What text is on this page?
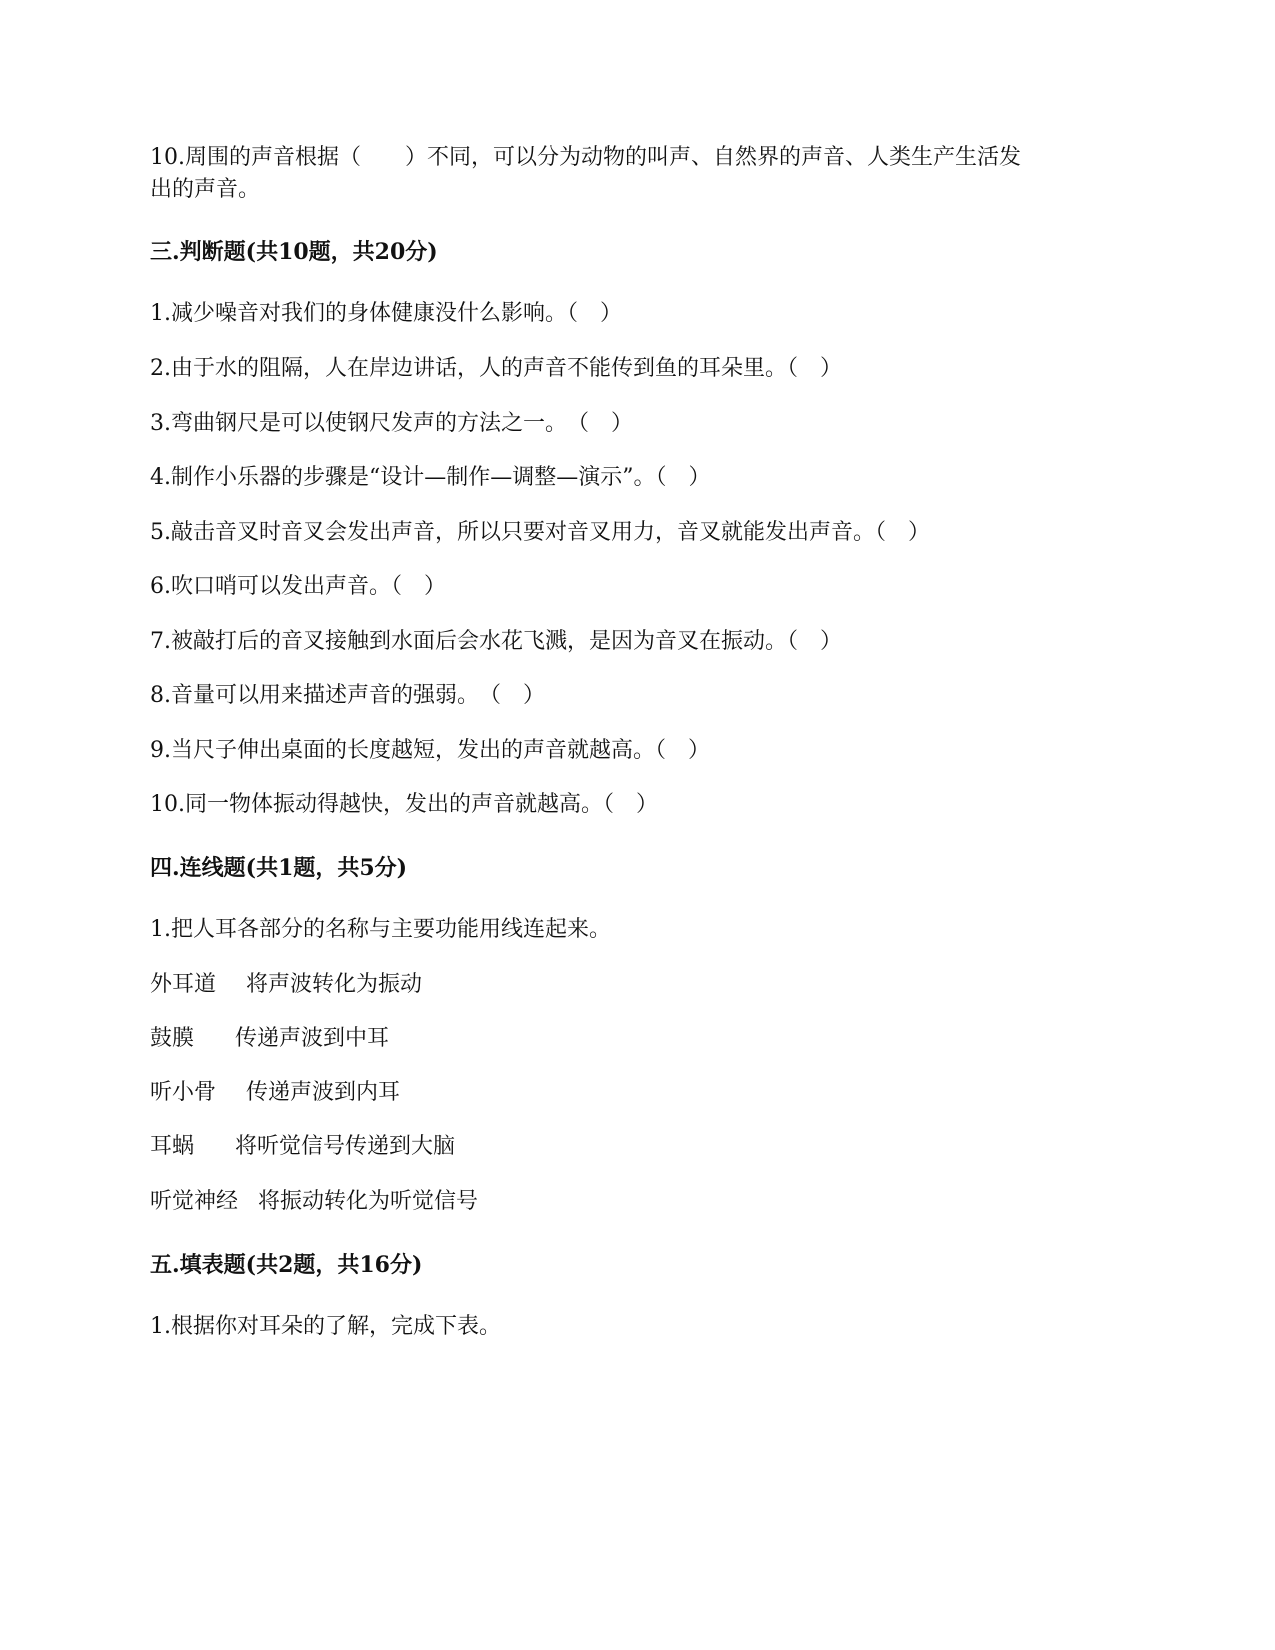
10.周围的声音根据（　　）不同，可以分为动物的叫声、自然界的声音、人类生产生活发
出的声音。
三.判断题(共10题，共20分)
1.减少噪音对我们的身体健康没什么影响。（　）
2.由于水的阻隔，人在岸边讲话，人的声音不能传到鱼的耳朵里。（　）
3.弯曲钢尺是可以使钢尺发声的方法之一。　（　）
4.制作小乐器的步骤是“设计—制作—调整—演示”。（　）
5.敲击音叉时音叉会发出声音，所以只要对音叉用力，音叉就能发出声音。（　）
6.吹口哨可以发出声音。（　）
7.被敲打后的音叉接触到水面后会水花飞溅，是因为音叉在振动。（　）
8.音量可以用来描述声音的强弱。　（　）
9.当尺子伸出桌面的长度越短，发出的声音就越高。（　）
10.同一物体振动得越快，发出的声音就越高。（　）
四.连线题(共1题，共5分)
1.把人耳各部分的名称与主要功能用线连起来。
外耳道 将声波转化为振动
鼓膜 传递声波到中耳
听小骨 传递声波到内耳
耳蜗 将听觉信号传递到大脑
听觉神经 将振动转化为听觉信号
五.填表题(共2题，共16分)
1.根据你对耳朵的了解，完成下表。
